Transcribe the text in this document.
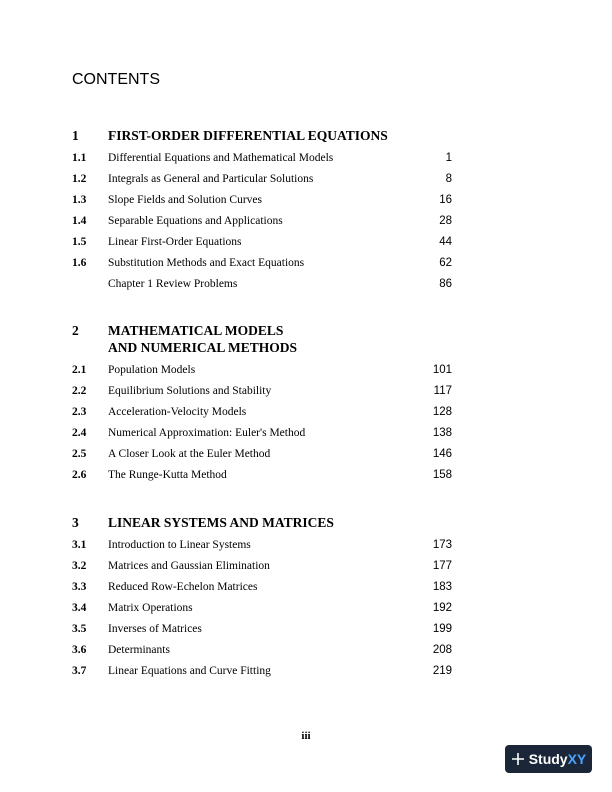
CONTENTS
1 FIRST-ORDER DIFFERENTIAL EQUATIONS
1.1 Differential Equations and Mathematical Models	1
1.2 Integrals as General and Particular Solutions	8
1.3 Slope Fields and Solution Curves	16
1.4 Separable Equations and Applications	28
1.5 Linear First-Order Equations	44
1.6 Substitution Methods and Exact Equations	62
Chapter 1 Review Problems	86
2 MATHEMATICAL MODELS
AND NUMERICAL METHODS
2.1 Population Models	101
2.2 Equilibrium Solutions and Stability	117
2.3 Acceleration-Velocity Models	128
2.4 Numerical Approximation: Euler's Method	138
2.5 A Closer Look at the Euler Method	146
2.6 The Runge-Kutta Method	158
3 LINEAR SYSTEMS AND MATRICES
3.1 Introduction to Linear Systems	173
3.2 Matrices and Gaussian Elimination	177
3.3 Reduced Row-Echelon Matrices	183
3.4 Matrix Operations	192
3.5 Inverses of Matrices	199
3.6 Determinants	208
3.7 Linear Equations and Curve Fitting	219
iii
StudyXY
